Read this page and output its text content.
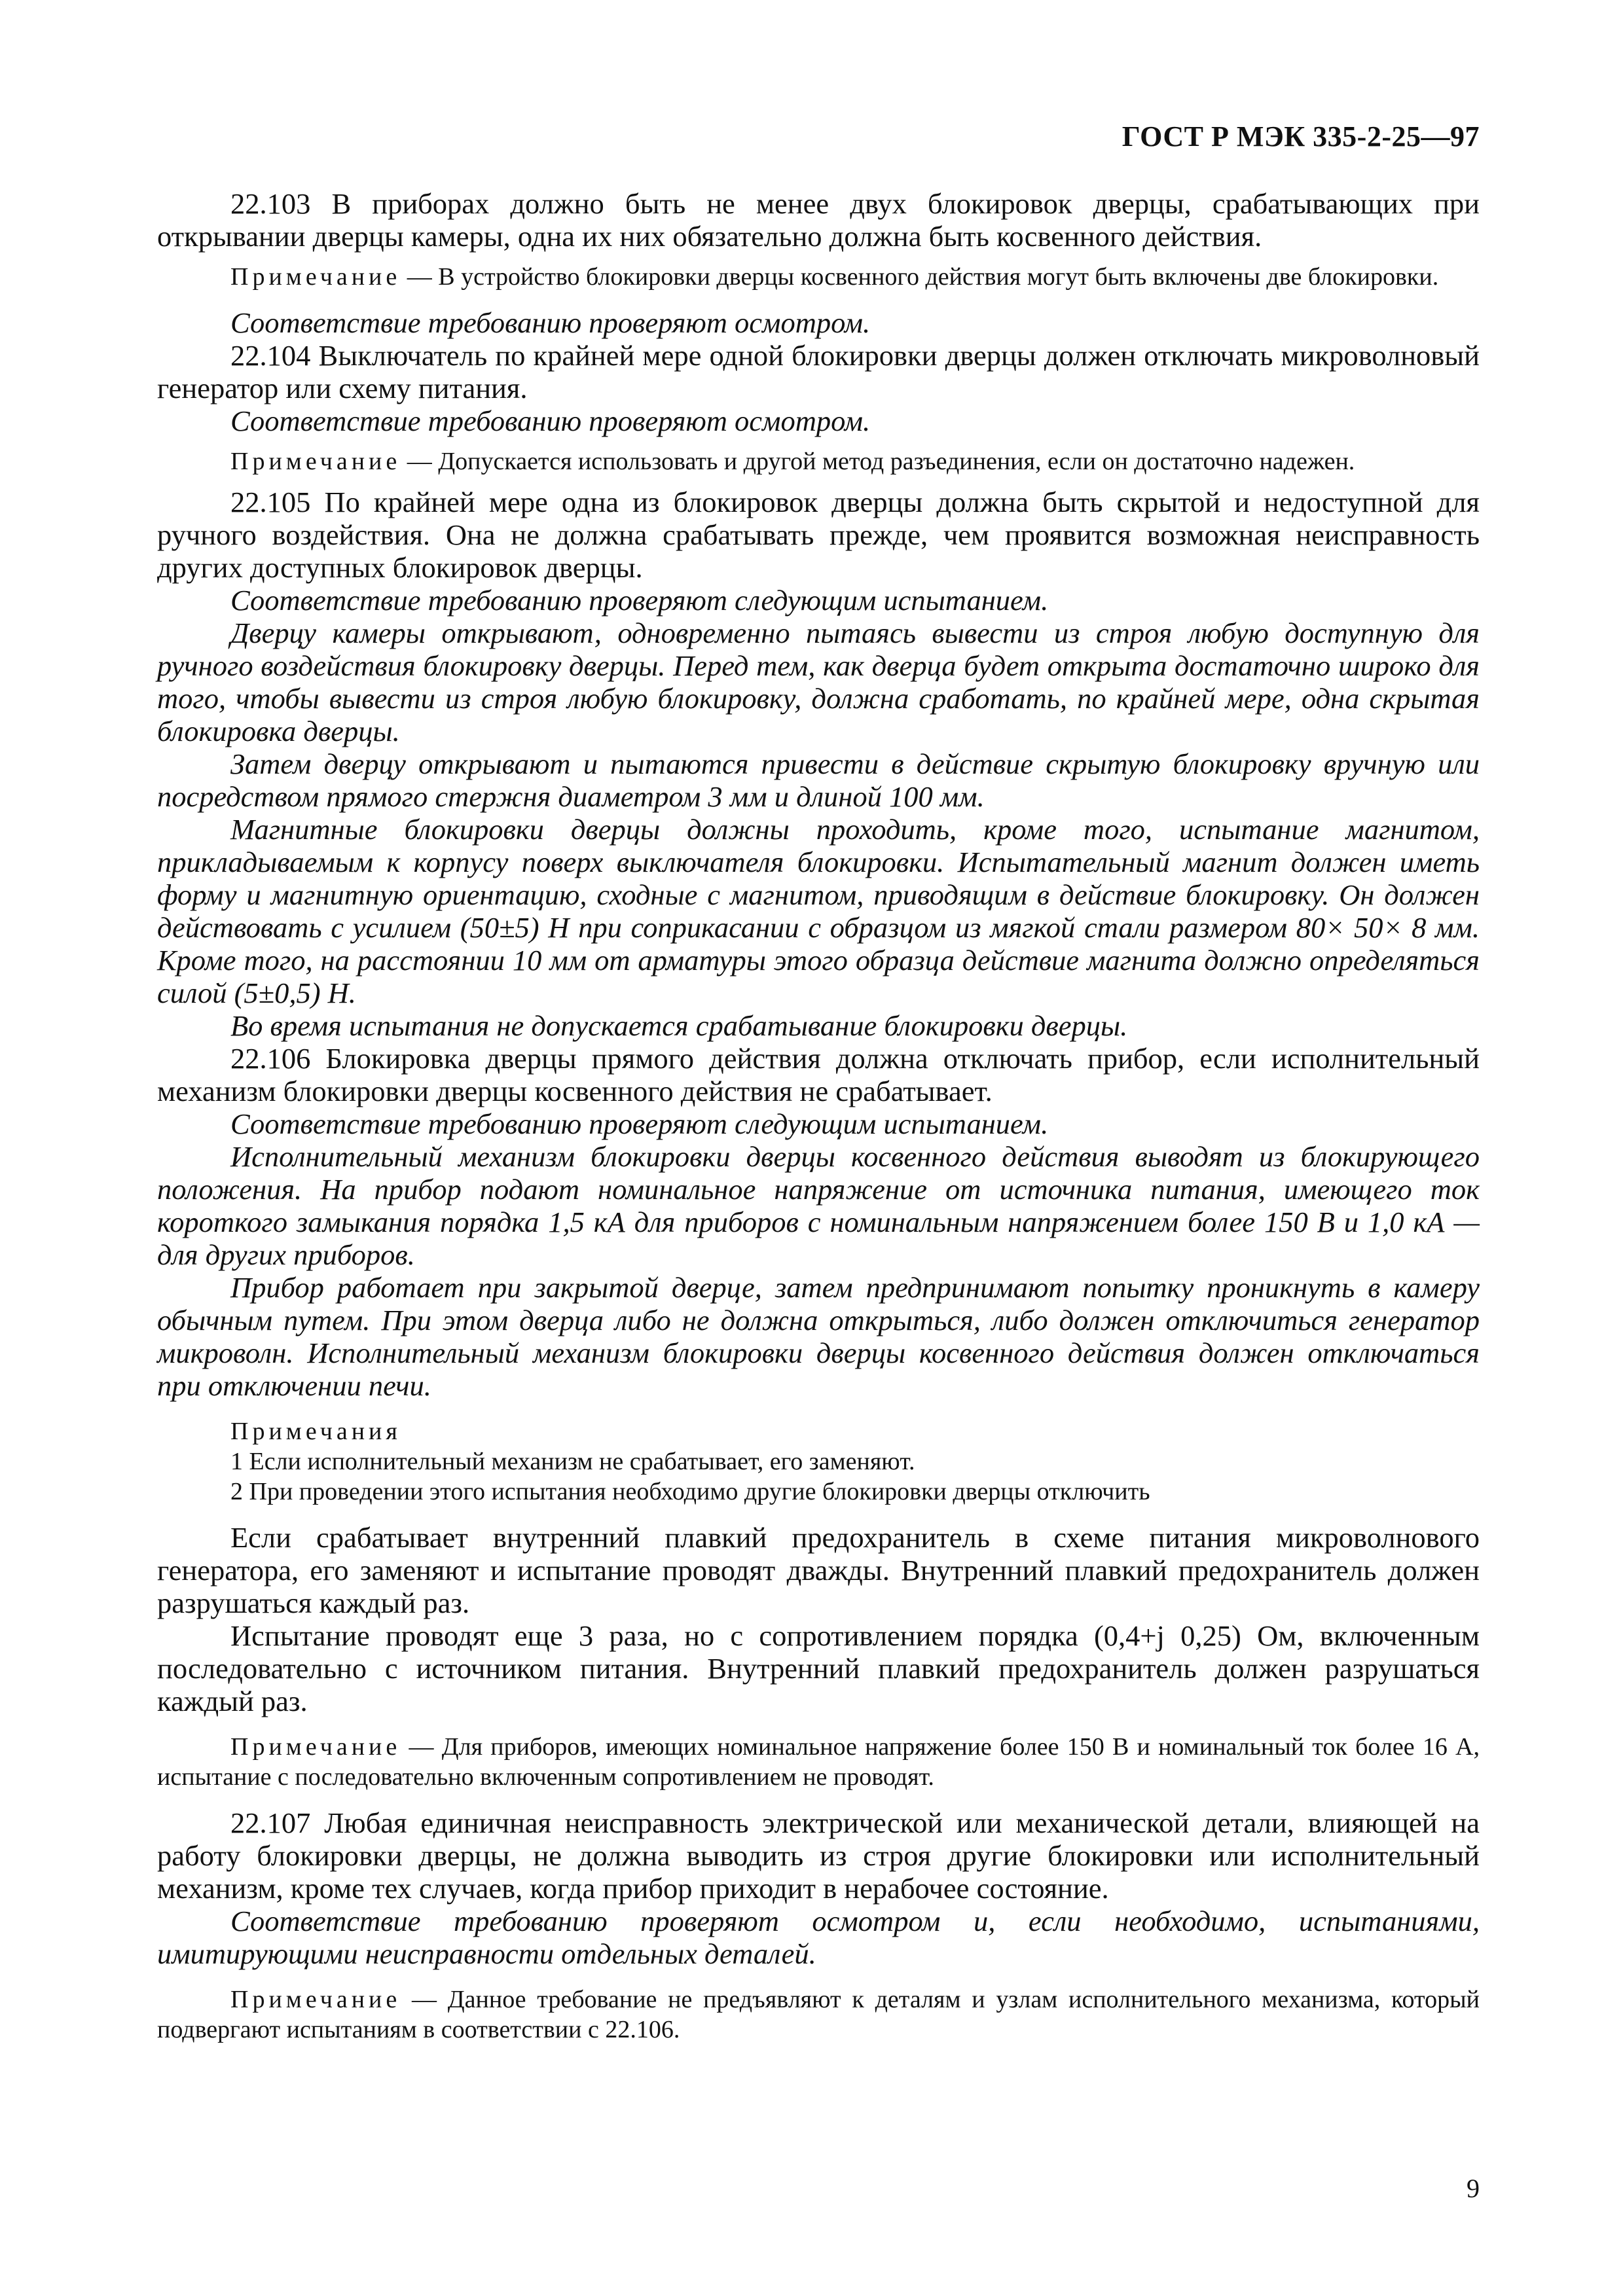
ГОСТ Р МЭК 335-2-25—97

22.103 В приборах должно быть не менее двух блокировок дверцы, срабатывающих при открывании дверцы камеры, одна их них обязательно должна быть косвенного действия.

Примечание — В устройство блокировки дверцы косвенного действия могут быть включены две блокировки.

Соответствие требованию проверяют осмотром.

22.104 Выключатель по крайней мере одной блокировки дверцы должен отключать микроволновый генератор или схему питания.

Соответствие требованию проверяют осмотром.

Примечание — Допускается использовать и другой метод разъединения, если он достаточно надежен.

22.105 По крайней мере одна из блокировок дверцы должна быть скрытой и недоступной для ручного воздействия. Она не должна срабатывать прежде, чем проявится возможная неисправность других доступных блокировок дверцы.

Соответствие требованию проверяют следующим испытанием.

Дверцу камеры открывают, одновременно пытаясь вывести из строя любую доступную для ручного воздействия блокировку дверцы. Перед тем, как дверца будет открыта достаточно широко для того, чтобы вывести из строя любую блокировку, должна сработать, по крайней мере, одна скрытая блокировка дверцы.

Затем дверцу открывают и пытаются привести в действие скрытую блокировку вручную или посредством прямого стержня диаметром 3 мм и длиной 100 мм.

Магнитные блокировки дверцы должны проходить, кроме того, испытание магнитом, прикладываемым к корпусу поверх выключателя блокировки. Испытательный магнит должен иметь форму и магнитную ориентацию, сходные с магнитом, приводящим в действие блокировку. Он должен действовать с усилием (50±5) Н при соприкасании с образцом из мягкой стали размером 80× 50× 8 мм. Кроме того, на расстоянии 10 мм от арматуры этого образца действие магнита должно определяться силой (5±0,5) Н.

Во время испытания не допускается срабатывание блокировки дверцы.

22.106 Блокировка дверцы прямого действия должна отключать прибор, если исполнительный механизм блокировки дверцы косвенного действия не срабатывает.

Соответствие требованию проверяют следующим испытанием.

Исполнительный механизм блокировки дверцы косвенного действия выводят из блокирующего положения. На прибор подают номинальное напряжение от источника питания, имеющего ток короткого замыкания порядка 1,5 кА для приборов с номинальным напряжением более 150 В и 1,0 кА — для других приборов.

Прибор работает при закрытой дверце, затем предпринимают попытку проникнуть в камеру обычным путем. При этом дверца либо не должна открыться, либо должен отключиться генератор микроволн. Исполнительный механизм блокировки дверцы косвенного действия должен отключаться при отключении печи.

Примечания

1 Если исполнительный механизм не срабатывает, его заменяют.

2 При проведении этого испытания необходимо другие блокировки дверцы отключить

Если срабатывает внутренний плавкий предохранитель в схеме питания микроволнового генератора, его заменяют и испытание проводят дважды. Внутренний плавкий предохранитель должен разрушаться каждый раз.

Испытание проводят еще 3 раза, но с сопротивлением порядка (0,4+j 0,25) Ом, включенным последовательно с источником питания. Внутренний плавкий предохранитель должен разрушаться каждый раз.

Примечание — Для приборов, имеющих номинальное напряжение более 150 В и номинальный ток более 16 А, испытание с последовательно включенным сопротивлением не проводят.

22.107 Любая единичная неисправность электрической или механической детали, влияющей на работу блокировки дверцы, не должна выводить из строя другие блокировки или исполнительный механизм, кроме тех случаев, когда прибор приходит в нерабочее состояние.

Соответствие требованию проверяют осмотром и, если необходимо, испытаниями, имитирующими неисправности отдельных деталей.

Примечание — Данное требование не предъявляют к деталям и узлам исполнительного механизма, который подвергают испытаниям в соответствии с 22.106.

9
